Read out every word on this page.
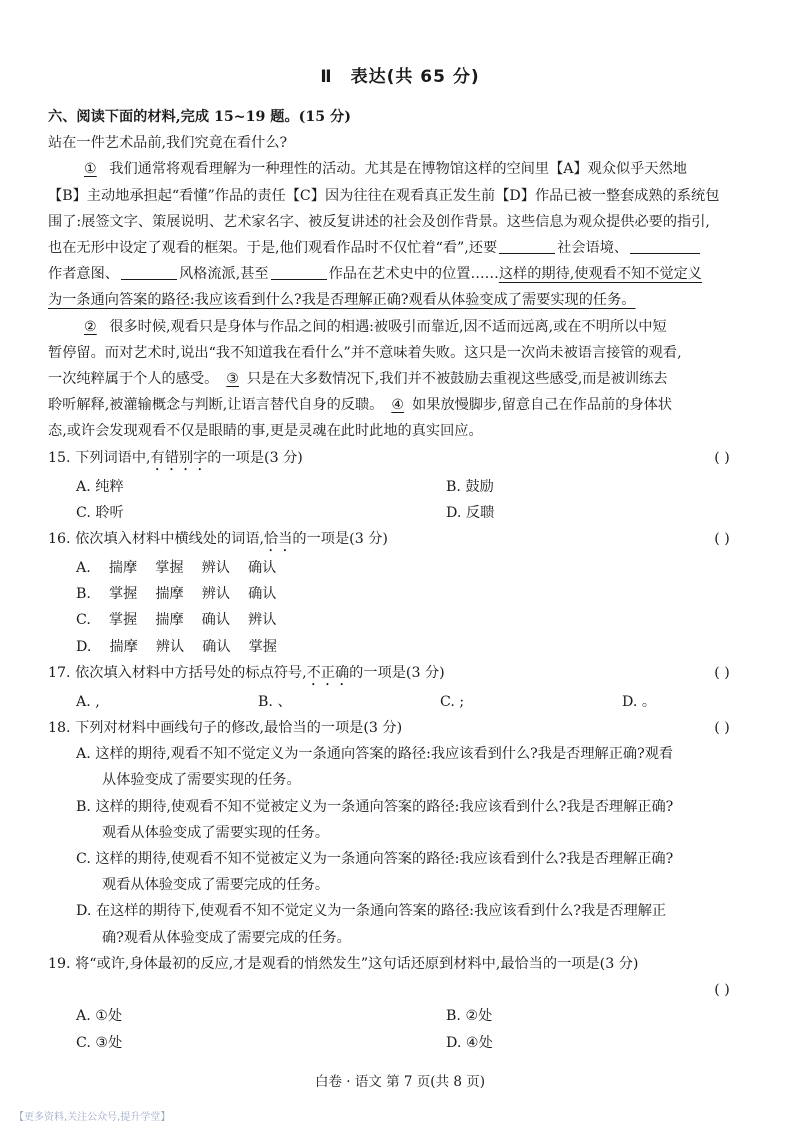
Ⅱ 表达(共 65 分)
六、阅读下面的材料,完成 15~19 题。(15 分)
站在一件艺术品前,我们究竟在看什么?
① 我们通常将观看理解为一种理性的活动。尤其是在博物馆这样的空间里【A】观众似乎天然地
【B】主动地承担起“看懂”作品的责任【C】因为往往在观看真正发生前【D】作品已被一整套成熟的系统包
围了:展签文字、策展说明、艺术家名字、被反复讲述的社会及创作背景。这些信息为观众提供必要的指引,
也在无形中设定了观看的框架。于是,他们观看作品时不仅忙着“看”,还要	社会语境、
作者意图、	风格流派,甚至	作品在艺术史中的位置……这样的期待,使观看不知不觉定义
为一条通向答案的路径:我应该看到什么?我是否理解正确?观看从体验变成了需要实现的任务。
② 很多时候,观看只是身体与作品之间的相遇:被吸引而靠近,因不适而远离,或在不明所以中短
暂停留。而对艺术时,说出“我不知道我在看什么”并不意味着失败。这只是一次尚未被语言接管的观看,
一次纯粹属于个人的感受。 ③ 只是在大多数情况下,我们并不被鼓励去重视这些感受,而是被训练去
聆听解释,被灌输概念与判断,让语言替代自身的反聩。 ④ 如果放慢脚步,留意自己在作品前的身体状
态,或许会发现观看不仅是眼睛的事,更是灵魂在此时此地的真实回应。
15. 下列词语中,有错别字的一项是(3 分)	( )
A. 纯粹	B. 鼓励
C. 聆听	D. 反聩
16. 依次填入材料中横线处的词语,恰当的一项是(3 分)	( )
A. 揣摩 掌握 辨认 确认
B. 掌握 揣摩 辨认 确认
C. 掌握 揣摩 确认 辨认
D. 揣摩 辨认 确认 掌握
17. 依次填入材料中方括号处的标点符号,不正确的一项是(3 分)	( )
A. ,	B. 、	C. ;	D. 。
18. 下列对材料中画线句子的修改,最恰当的一项是(3 分)	( )
A. 这样的期待,观看不知不觉定义为一条通向答案的路径:我应该看到什么?我是否理解正确?观看
从体验变成了需要实现的任务。
B. 这样的期待,使观看不知不觉被定义为一条通向答案的路径:我应该看到什么?我是否理解正确?
观看从体验变成了需要实现的任务。
C. 这样的期待,使观看不知不觉被定义为一条通向答案的路径:我应该看到什么?我是否理解正确?
观看从体验变成了需要完成的任务。
D. 在这样的期待下,使观看不知不觉定义为一条通向答案的路径:我应该看到什么?我是否理解正
确?观看从体验变成了需要完成的任务。
19. 将“或许,身体最初的反应,才是观看的悄然发生”这句话还原到材料中,最恰当的一项是(3 分)
( )
A. ①处	B. ②处
C. ③处	D. ④处
白卷 · 语文 第 7 页(共 8 页)
【更多资料,关注公众号,提升学堂】
